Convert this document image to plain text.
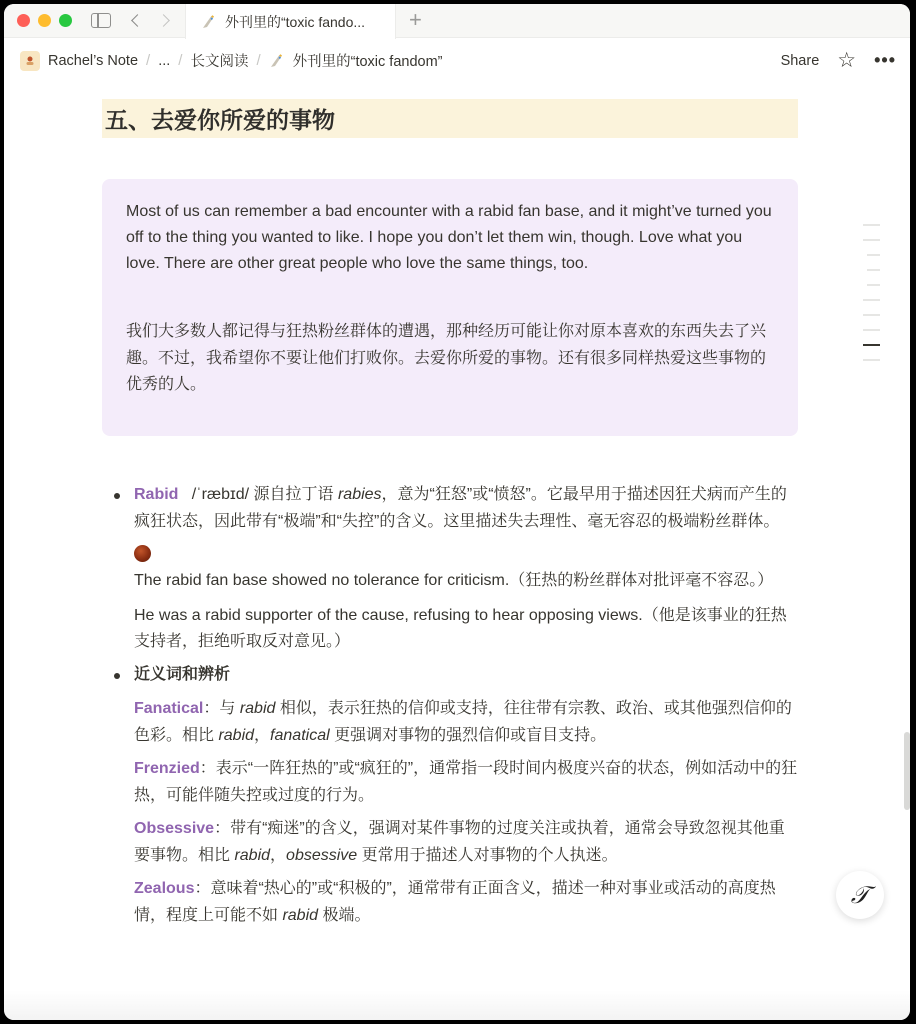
外刊里的“toxic fando... +
Rachel’s Note / ... / 长文阅读 / 外刊里的“toxic fandom”	Share ☆ •••
五、去爱你所爱的事物

Most of us can remember a bad encounter with a rabid fan base, and it might’ve turned you off to the thing you wanted to like. I hope you don’t let them win, though. Love what you love. There are other great people who love the same things, too.

我们大多数人都记得与狂热粉丝群体的遭遇，那种经历可能让你对原本喜欢的东西失去了兴趣。不过，我希望你不要让他们打败你。去爱你所爱的事物。还有很多同样热爱这些事物的优秀的人。

Rabid /ˈræbɪd/ 源自拉丁语 rabies，意为“狂怒”或“愤怒”。它最早用于描述因狂犬病而产生的疯狂状态，因此带有“极端”和“失控”的含义。这里描述失去理性、毫无容忍的极端粉丝群体。
The rabid fan base showed no tolerance for criticism.（狂热的粉丝群体对批评毫不容忍。）
He was a rabid supporter of the cause, refusing to hear opposing views.（他是该事业的狂热支持者，拒绝听取反对意见。）
近义词和辨析
Fanatical：与 rabid 相似，表示狂热的信仰或支持，往往带有宗教、政治、或其他强烈信仰的色彩。相比 rabid，fanatical 更强调对事物的强烈信仰或盲目支持。
Frenzied：表示“一阵狂热的”或“疯狂的”，通常指一段时间内极度兴奋的状态，例如活动中的狂热，可能伴随失控或过度的行为。
Obsessive：带有“痴迷”的含义，强调对某件事物的过度关注或执着，通常会导致忽视其他重要事物。相比 rabid，obsessive 更常用于描述人对事物的个人执迷。
Zealous：意味着“热心的”或“积极的”，通常带有正面含义，描述一种对事业或活动的高度热情，程度上可能不如 rabid 极端。
𝒯
